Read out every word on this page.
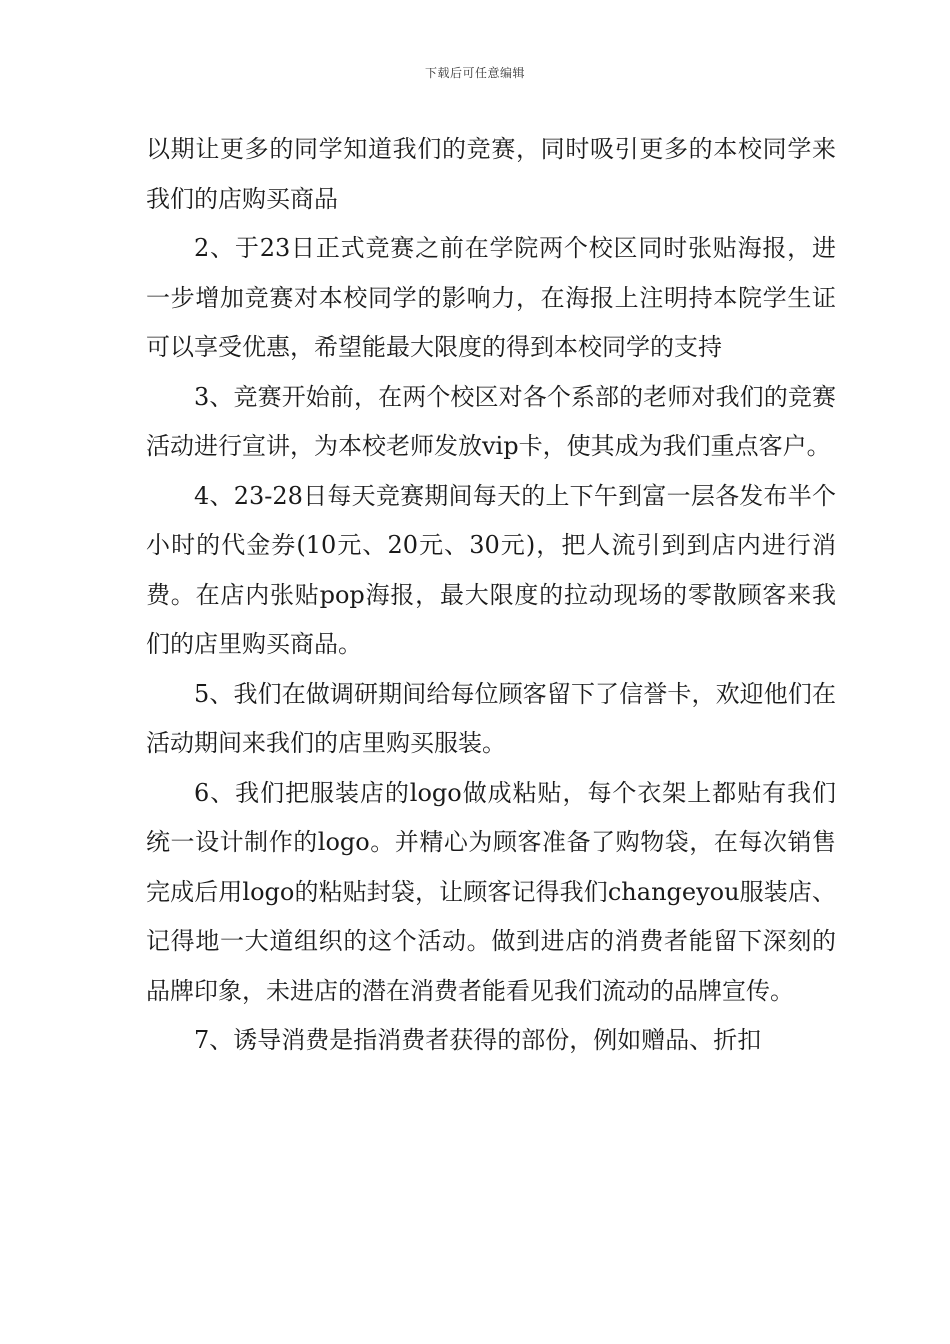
下载后可任意编辑

以期让更多的同学知道我们的竞赛，同时吸引更多的本校同学来我们的店购买商品

2、于23日正式竞赛之前在学院两个校区同时张贴海报，进一步增加竞赛对本校同学的影响力，在海报上注明持本院学生证可以享受优惠，希望能最大限度的得到本校同学的支持

3、竞赛开始前，在两个校区对各个系部的老师对我们的竞赛活动进行宣讲，为本校老师发放vip卡，使其成为我们重点客户。

4、23-28日每天竞赛期间每天的上下午到富一层各发布半个小时的代金券(10元、20元、30元)，把人流引到到店内进行消费。在店内张贴pop海报，最大限度的拉动现场的零散顾客来我们的店里购买商品。

5、我们在做调研期间给每位顾客留下了信誉卡，欢迎他们在活动期间来我们的店里购买服装。

6、我们把服装店的logo做成粘贴，每个衣架上都贴有我们统一设计制作的logo。并精心为顾客准备了购物袋，在每次销售完成后用logo的粘贴封袋，让顾客记得我们changeyou服装店、记得地一大道组织的这个活动。做到进店的消费者能留下深刻的品牌印象，未进店的潜在消费者能看见我们流动的品牌宣传。

7、诱导消费是指消费者获得的部份，例如赠品、折扣
